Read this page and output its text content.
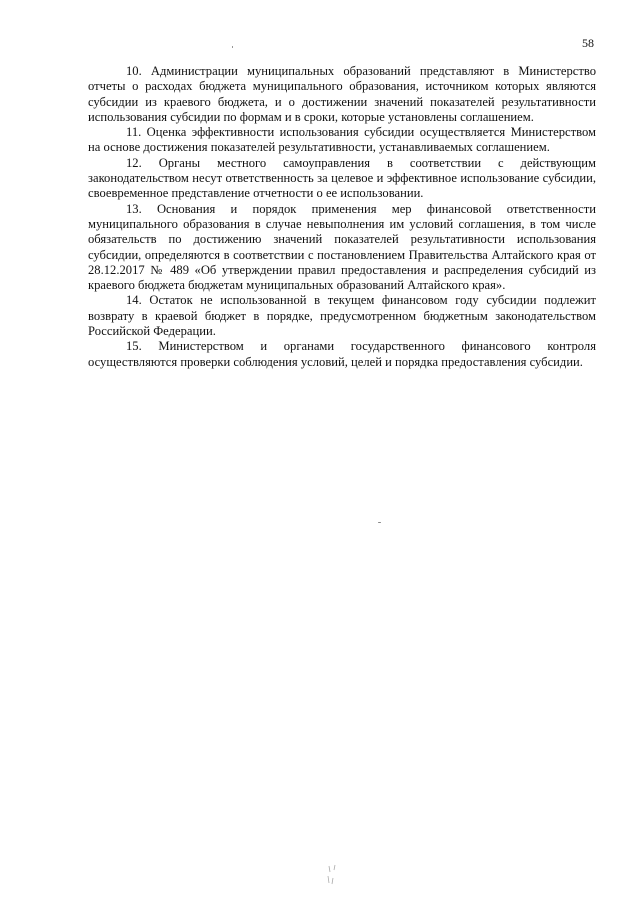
58

10. Администрации муниципальных образований представляют в Министерство отчеты о расходах бюджета муниципального образования, источником которых являются субсидии из краевого бюджета, и о достижении значений показателей результативности использования субсидии по формам и в сроки, которые установлены соглашением.

11. Оценка эффективности использования субсидии осуществляется Министерством на основе достижения показателей результативности, устанавливаемых соглашением.

12. Органы местного самоуправления в соответствии с действующим законодательством несут ответственность за целевое и эффективное использование субсидии, своевременное представление отчетности о ее использовании.

13. Основания и порядок применения мер финансовой ответственности муниципального образования в случае невыполнения им условий соглашения, в том числе обязательств по достижению значений показателей результативности использования субсидии, определяются в соответствии с постановлением Правительства Алтайского края от 28.12.2017 № 489 «Об утверждении правил предоставления и распределения субсидий из краевого бюджета бюджетам муниципальных образований Алтайского края».

14. Остаток не использованной в текущем финансовом году субсидии подлежит возврату в краевой бюджет в порядке, предусмотренном бюджетным законодательством Российской Федерации.

15. Министерством и органами государственного финансового контроля осуществляются проверки соблюдения условий, целей и порядка предоставления субсидии.
